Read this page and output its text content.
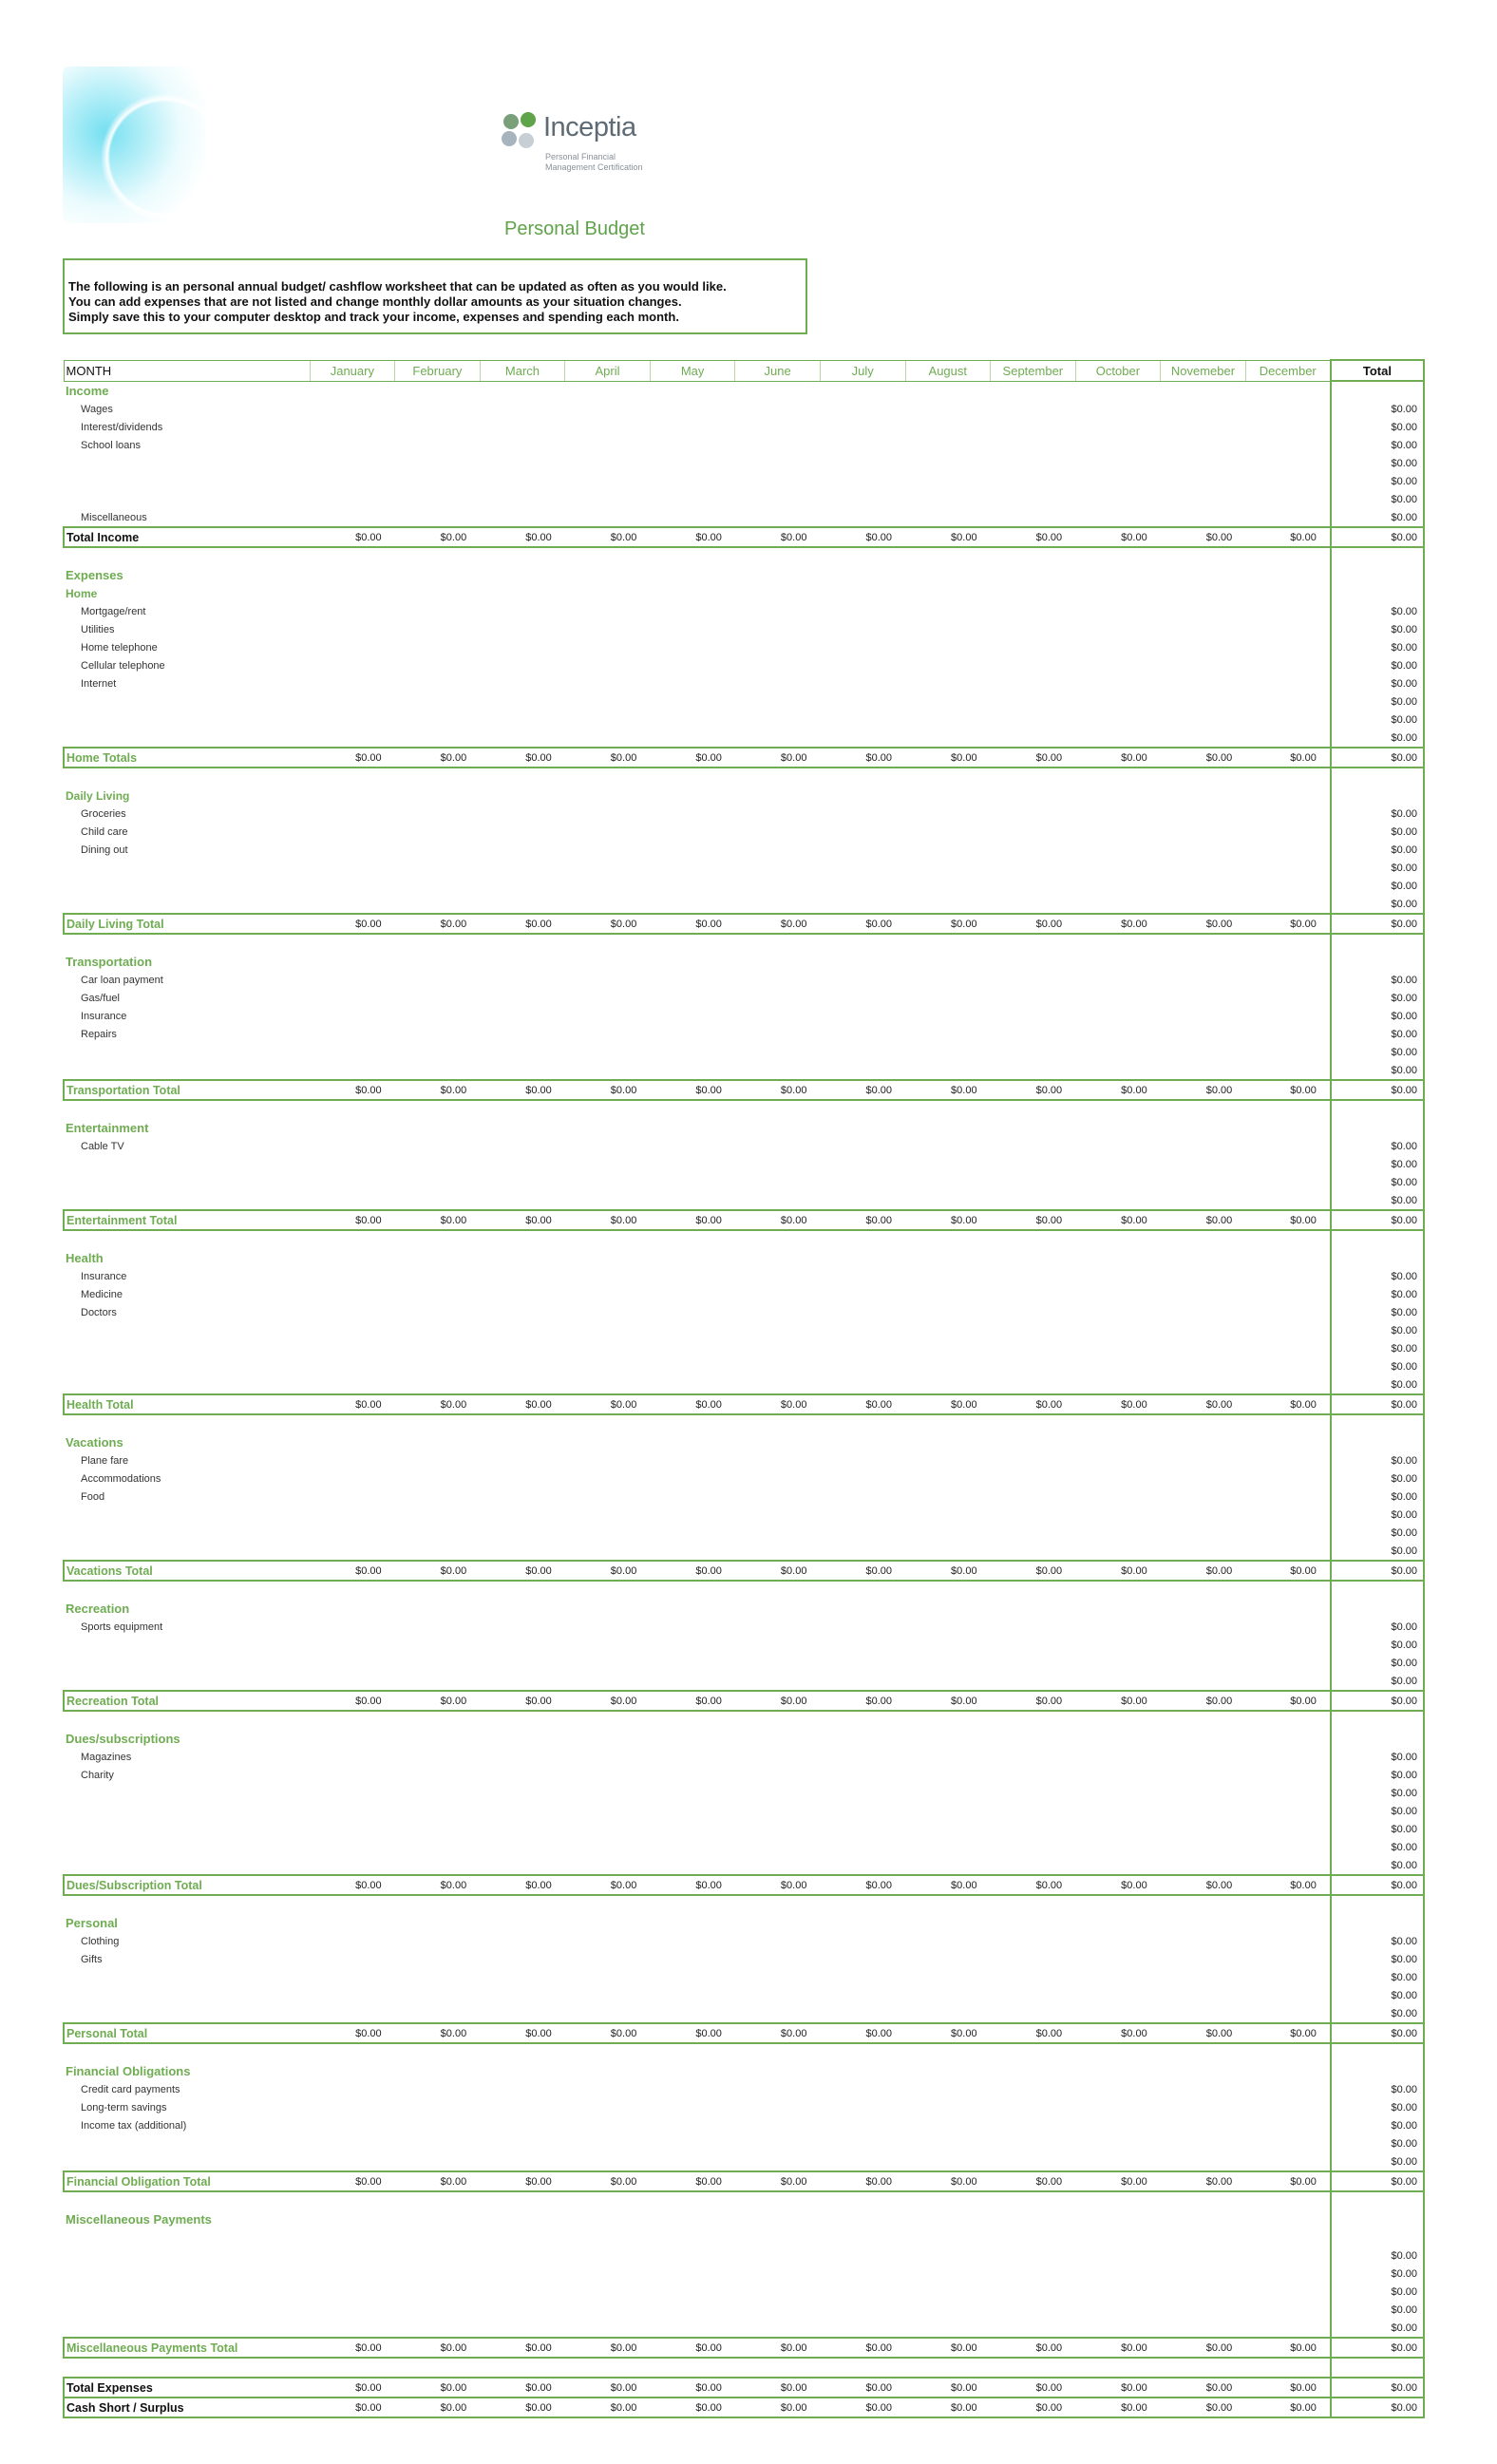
Inceptia
Personal Financial
Management Certification
Personal Budget
The following is an personal annual budget/ cashflow worksheet that can be updated as often as you would like.
You can add expenses that are not listed and change monthly dollar amounts as your situation changes.
Simply save this to your computer desktop and track your income, expenses and spending each month.
MONTH	January	February	March	April	May	June	July	August	September	October	Novemeber	December	Total
Income													
Wages													$0.00
Interest/dividends													$0.00
School loans													$0.00
													$0.00
													$0.00
													$0.00
Miscellaneous													$0.00
Total Income	$0.00	$0.00	$0.00	$0.00	$0.00	$0.00	$0.00	$0.00	$0.00	$0.00	$0.00	$0.00	$0.00

Expenses													
Home													
Mortgage/rent													$0.00
Utilities													$0.00
Home telephone													$0.00
Cellular telephone													$0.00
Internet													$0.00
													$0.00
													$0.00
													$0.00
Home Totals	$0.00	$0.00	$0.00	$0.00	$0.00	$0.00	$0.00	$0.00	$0.00	$0.00	$0.00	$0.00	$0.00

Daily Living													
Groceries													$0.00
Child care													$0.00
Dining out													$0.00
													$0.00
													$0.00
													$0.00
Daily Living Total	$0.00	$0.00	$0.00	$0.00	$0.00	$0.00	$0.00	$0.00	$0.00	$0.00	$0.00	$0.00	$0.00

Transportation													
Car loan payment													$0.00
Gas/fuel													$0.00
Insurance													$0.00
Repairs													$0.00
													$0.00
													$0.00
Transportation Total	$0.00	$0.00	$0.00	$0.00	$0.00	$0.00	$0.00	$0.00	$0.00	$0.00	$0.00	$0.00	$0.00

Entertainment													
Cable TV													$0.00
													$0.00
													$0.00
													$0.00
Entertainment Total	$0.00	$0.00	$0.00	$0.00	$0.00	$0.00	$0.00	$0.00	$0.00	$0.00	$0.00	$0.00	$0.00

Health													
Insurance													$0.00
Medicine													$0.00
Doctors													$0.00
													$0.00
													$0.00
													$0.00
													$0.00
Health Total	$0.00	$0.00	$0.00	$0.00	$0.00	$0.00	$0.00	$0.00	$0.00	$0.00	$0.00	$0.00	$0.00

Vacations													
Plane fare													$0.00
Accommodations													$0.00
Food													$0.00
													$0.00
													$0.00
													$0.00
Vacations Total	$0.00	$0.00	$0.00	$0.00	$0.00	$0.00	$0.00	$0.00	$0.00	$0.00	$0.00	$0.00	$0.00

Recreation													
Sports equipment													$0.00
													$0.00
													$0.00
													$0.00
Recreation Total	$0.00	$0.00	$0.00	$0.00	$0.00	$0.00	$0.00	$0.00	$0.00	$0.00	$0.00	$0.00	$0.00

Dues/subscriptions													
Magazines													$0.00
Charity													$0.00
													$0.00
													$0.00
													$0.00
													$0.00
													$0.00
Dues/Subscription Total	$0.00	$0.00	$0.00	$0.00	$0.00	$0.00	$0.00	$0.00	$0.00	$0.00	$0.00	$0.00	$0.00

Personal													
Clothing													$0.00
Gifts													$0.00
													$0.00
													$0.00
													$0.00
Personal Total	$0.00	$0.00	$0.00	$0.00	$0.00	$0.00	$0.00	$0.00	$0.00	$0.00	$0.00	$0.00	$0.00

Financial Obligations													
Credit card payments													$0.00
Long-term savings													$0.00
Income tax (additional)													$0.00
													$0.00
													$0.00
Financial Obligation Total	$0.00	$0.00	$0.00	$0.00	$0.00	$0.00	$0.00	$0.00	$0.00	$0.00	$0.00	$0.00	$0.00

Miscellaneous Payments													

													$0.00
													$0.00
													$0.00
													$0.00
													$0.00
Miscellaneous Payments Total	$0.00	$0.00	$0.00	$0.00	$0.00	$0.00	$0.00	$0.00	$0.00	$0.00	$0.00	$0.00	$0.00

Total Expenses	$0.00	$0.00	$0.00	$0.00	$0.00	$0.00	$0.00	$0.00	$0.00	$0.00	$0.00	$0.00	$0.00
Cash Short / Surplus	$0.00	$0.00	$0.00	$0.00	$0.00	$0.00	$0.00	$0.00	$0.00	$0.00	$0.00	$0.00	$0.00
